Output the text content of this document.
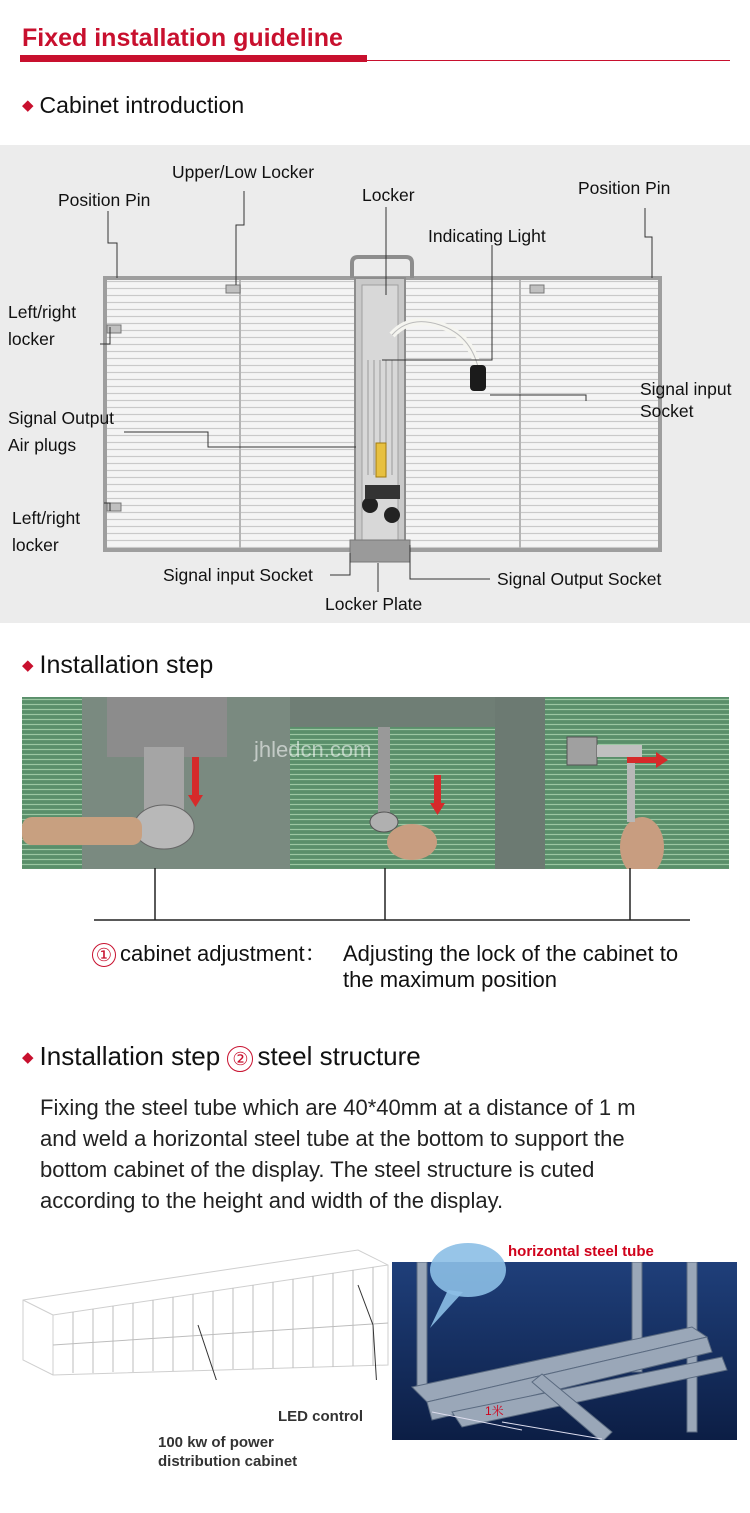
Fixed installation guideline
◆ Cabinet introduction
Position Pin
Upper/Low Locker
Locker	Position Pin
Indicating Light
Left/right
locker
Signal Output
Air plugs
Left/right
locker
Signal input
Socket
Signal input Socket	Signal Output Socket
Locker Plate
◆ Installation step
jhledcn.com
① cabinet adjustment： Adjusting the lock of the cabinet to
the maximum position
◆ Installation step ② steel structure
Fixing the steel tube which are 40*40mm at a distance of 1 m
and weld a horizontal steel tube at the bottom to support the
bottom cabinet of the display. The steel structure is cuted
according to the height and width of the display.
LED control
100 kw of power
distribution cabinet
1米
horizontal steel tube
